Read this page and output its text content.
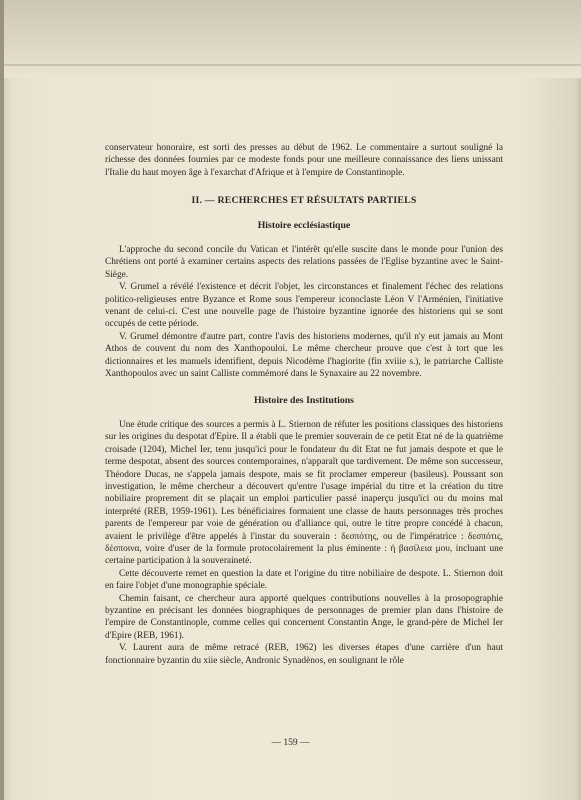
conservateur honoraire, est sorti des presses au début de 1962. Le commentaire a surtout souligné la richesse des données fournies par ce modeste fonds pour une meilleure connaissance des liens unissant l'Italie du haut moyen âge à l'exarchat d'Afrique et à l'empire de Constantinople.

II. — RECHERCHES ET RÉSULTATS PARTIELS
Histoire ecclésiastique

L'approche du second concile du Vatican et l'intérêt qu'elle suscite dans le monde pour l'union des Chrétiens ont porté à examiner certains aspects des relations passées de l'Eglise byzantine avec le Saint-Siège.

V. Grumel a révélé l'existence et décrit l'objet, les circonstances et finalement l'échec des relations politico-religieuses entre Byzance et Rome sous l'empereur iconoclaste Léon V l'Arménien, l'initiative venant de celui-ci. C'est une nouvelle page de l'histoire byzantine ignorée des historiens qui se sont occupés de cette période.

V. Grumel démontre d'autre part, contre l'avis des historiens modernes, qu'il n'y eut jamais au Mont Athos de couvent du nom des Xanthopouloi. Le même chercheur prouve que c'est à tort que les dictionnaires et les manuels identifient, depuis Nicodème l'hagiorite (fin xviiie s.), le patriarche Calliste Xanthopoulos avec un saint Calliste commémoré dans le Synaxaire au 22 novembre.

Histoire des Institutions

Une étude critique des sources a permis à L. Stiernon de réfuter les positions classiques des historiens sur les origines du despotat d'Epire. Il a établi que le premier souverain de ce petit Etat né de la quatrième croisade (1204), Michel Ier, tenu jusqu'ici pour le fondateur du dit Etat ne fut jamais despote et que le terme despotat, absent des sources contemporaines, n'apparaît que tardivement. De même son successeur, Théodore Ducas, ne s'appela jamais despote, mais se fit proclamer empereur (basileus). Poussant son investigation, le même chercheur a découvert qu'entre l'usage impérial du titre et la création du titre nobiliaire proprement dit se plaçait un emploi particulier passé inaperçu jusqu'ici ou du moins mal interprété (REB, 1959-1961). Les bénéficiaires formaient une classe de hauts personnages très proches parents de l'empereur par voie de génération ou d'alliance qui, outre le titre propre concédé à chacun, avaient le privilège d'être appelés à l'instar du souverain : δεσπότης, ou de l'impératrice : δεσπότις, δέσποινα, voire d'user de la formule protocolairement la plus éminente : ἡ βασίλεια μου, incluant une certaine participation à la souveraineté.

Cette découverte remet en question la date et l'origine du titre nobiliaire de despote. L. Stiernon doit en faire l'objet d'une monographie spéciale.

Chemin faisant, ce chercheur aura apporté quelques contributions nouvelles à la prosopographie byzantine en précisant les données biographiques de personnages de premier plan dans l'histoire de l'empire de Constantinople, comme celles qui concernent Constantin Ange, le grand-père de Michel Ier d'Epire (REB, 1961).

V. Laurent aura de même retracé (REB, 1962) les diverses étapes d'une carrière d'un haut fonctionnaire byzantin du xiie siècle, Andronic Synadènos, en soulignant le rôle

— 159 —
